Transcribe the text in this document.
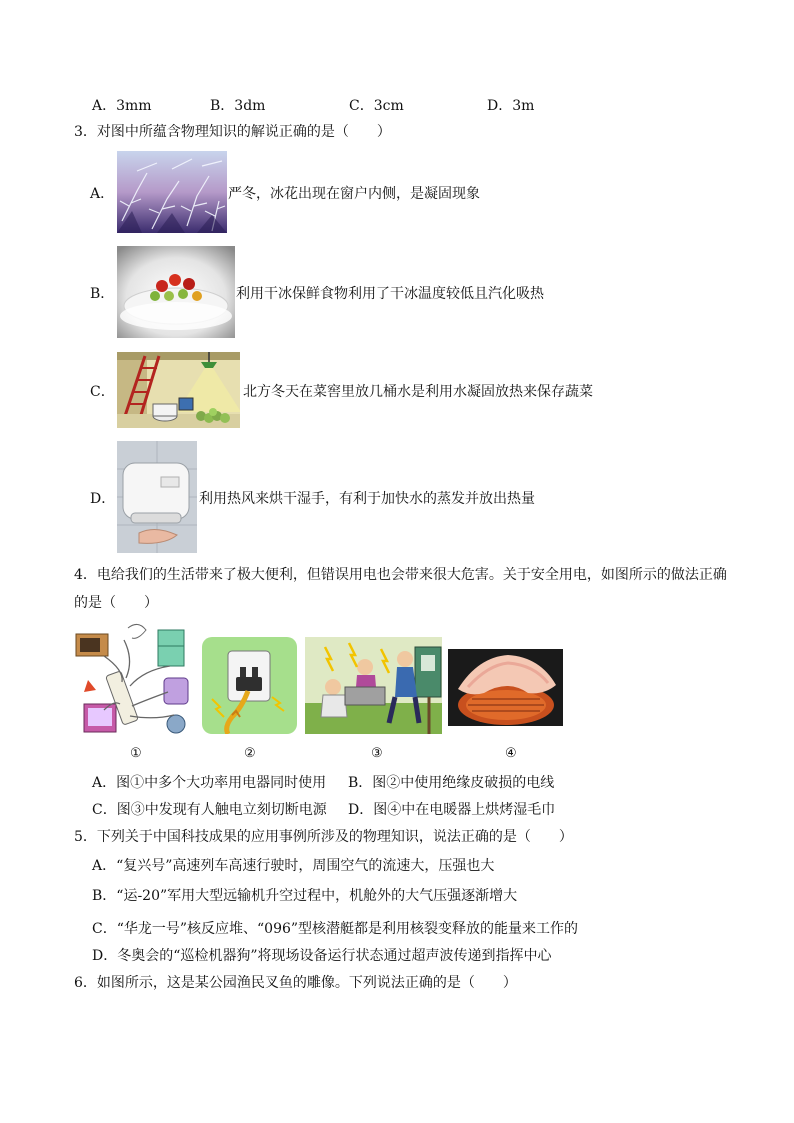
A．3mm	B．3dm	C．3cm	D．3m
3．对图中所蕴含物理知识的解说正确的是（　　）
A．	严冬，冰花出现在窗户内侧，是凝固现象
B．	利用干冰保鲜食物利用了干冰温度较低且汽化吸热
C．	北方冬天在菜窖里放几桶水是利用水凝固放热来保存蔬菜
D．	利用热风来烘干湿手，有利于加快水的蒸发并放出热量
4．电给我们的生活带来了极大便利，但错误用电也会带来很大危害。关于安全用电，如图所示的做法正确
的是（　　）
①	②	③	④
A．图①中多个大功率用电器同时使用 B．图②中使用绝缘皮破损的电线
C．图③中发现有人触电立刻切断电源 D．图④中在电暖器上烘烤湿毛巾
5．下列关于中国科技成果的应用事例所涉及的物理知识，说法正确的是（　　）
A．“复兴号”高速列车高速行驶时，周围空气的流速大，压强也大
B．“运-20”军用大型远输机升空过程中，机舱外的大气压强逐渐增大
C．“华龙一号”核反应堆、“096”型核潜艇都是利用核裂变释放的能量来工作的
D．冬奥会的“巡检机器狗”将现场设备运行状态通过超声波传递到指挥中心
6．如图所示，这是某公园渔民叉鱼的雕像。下列说法正确的是（　　）
